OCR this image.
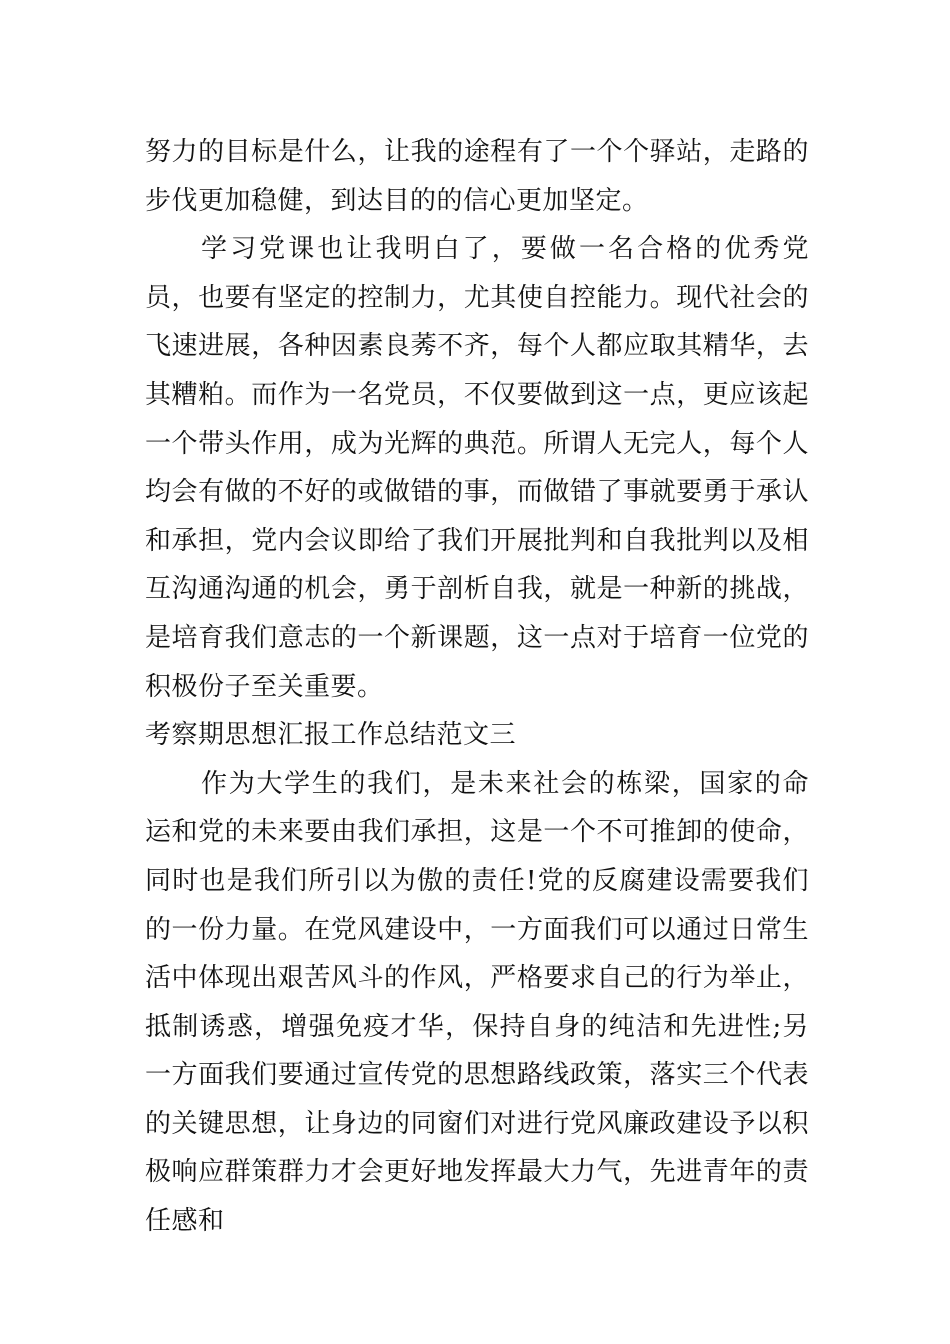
努力的目标是什么，让我的途程有了一个个驿站，走路的步伐更加稳健，到达目的的信心更加坚定。

学习党课也让我明白了，要做一名合格的优秀党员，也要有坚定的控制力，尤其使自控能力。现代社会的飞速进展，各种因素良莠不齐，每个人都应取其精华，去其糟粕。而作为一名党员，不仅要做到这一点，更应该起一个带头作用，成为光辉的典范。所谓人无完人，每个人均会有做的不好的或做错的事，而做错了事就要勇于承认和承担，党内会议即给了我们开展批判和自我批判以及相互沟通沟通的机会，勇于剖析自我，就是一种新的挑战，是培育我们意志的一个新课题，这一点对于培育一位党的积极份子至关重要。

考察期思想汇报工作总结范文三

作为大学生的我们，是未来社会的栋梁，国家的命运和党的未来要由我们承担，这是一个不可推卸的使命，同时也是我们所引以为傲的责任!党的反腐建设需要我们的一份力量。在党风建设中，一方面我们可以通过日常生活中体现出艰苦风斗的作风，严格要求自己的行为举止，抵制诱惑，增强免疫才华，保持自身的纯洁和先进性;另一方面我们要通过宣传党的思想路线政策，落实三个代表的关键思想，让身边的同窗们对进行党风廉政建设予以积极响应群策群力才会更好地发挥最大力气，先进青年的责任感和
